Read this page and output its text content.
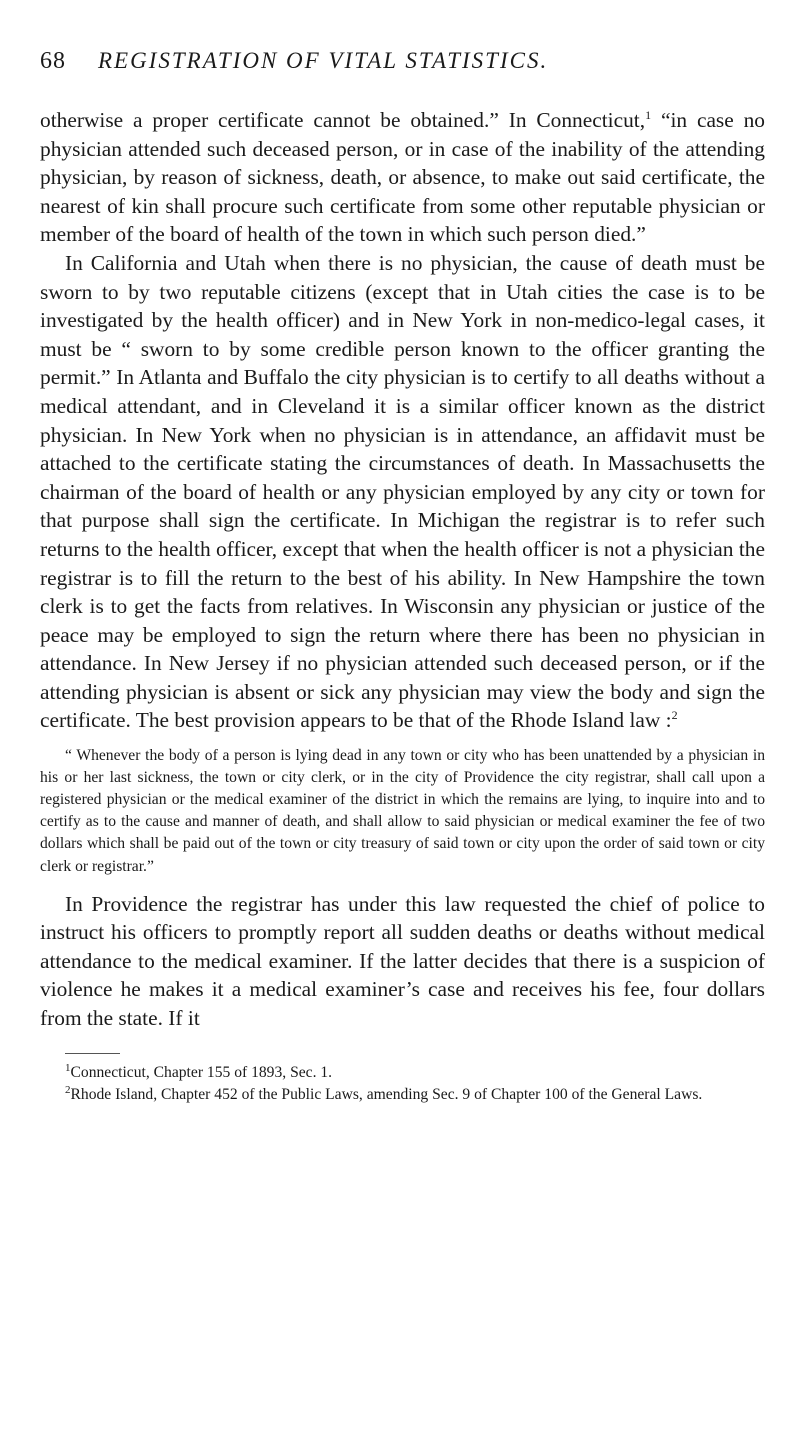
68 REGISTRATION OF VITAL STATISTICS.

otherwise a proper certificate cannot be obtained.” In Connecticut,$^1$ “in case no physician attended such deceased person, or in case of the inability of the attending physician, by reason of sickness, death, or absence, to make out said certificate, the nearest of kin shall procure such certificate from some other reputable physician or member of the board of health of the town in which such person died.”

In California and Utah when there is no physician, the cause of death must be sworn to by two reputable citizens (except that in Utah cities the case is to be investigated by the health officer) and in New York in non-medico-legal cases, it must be “ sworn to by some credible person known to the officer granting the permit.” In Atlanta and Buffalo the city physician is to certify to all deaths without a medical attendant, and in Cleveland it is a similar officer known as the district physician. In New York when no physician is in attendance, an affidavit must be attached to the certificate stating the circumstances of death. In Massachusetts the chairman of the board of health or any physician employed by any city or town for that purpose shall sign the certificate. In Michigan the registrar is to refer such returns to the health officer, except that when the health officer is not a physician the registrar is to fill the return to the best of his ability. In New Hampshire the town clerk is to get the facts from relatives. In Wisconsin any physician or justice of the peace may be employed to sign the return where there has been no physician in attendance. In New Jersey if no physician attended such deceased person, or if the attending physician is absent or sick any physician may view the body and sign the certificate. The best provision appears to be that of the Rhode Island law :$^2$

“ Whenever the body of a person is lying dead in any town or city who has been unattended by a physician in his or her last sickness, the town or city clerk, or in the city of Providence the city registrar, shall call upon a registered physician or the medical examiner of the district in which the remains are lying, to inquire into and to certify as to the cause and manner of death, and shall allow to said physician or medical examiner the fee of two dollars which shall be paid out of the town or city treasury of said town or city upon the order of said town or city clerk or registrar.”

In Providence the registrar has under this law requested the chief of police to instruct his officers to promptly report all sudden deaths or deaths without medical attendance to the medical examiner. If the latter decides that there is a suspicion of violence he makes it a medical examiner’s case and receives his fee, four dollars from the state. If it

$^1$Connecticut, Chapter 155 of 1893, Sec. 1.
$^2$Rhode Island, Chapter 452 of the Public Laws, amending Sec. 9 of Chapter 100 of the General Laws.
